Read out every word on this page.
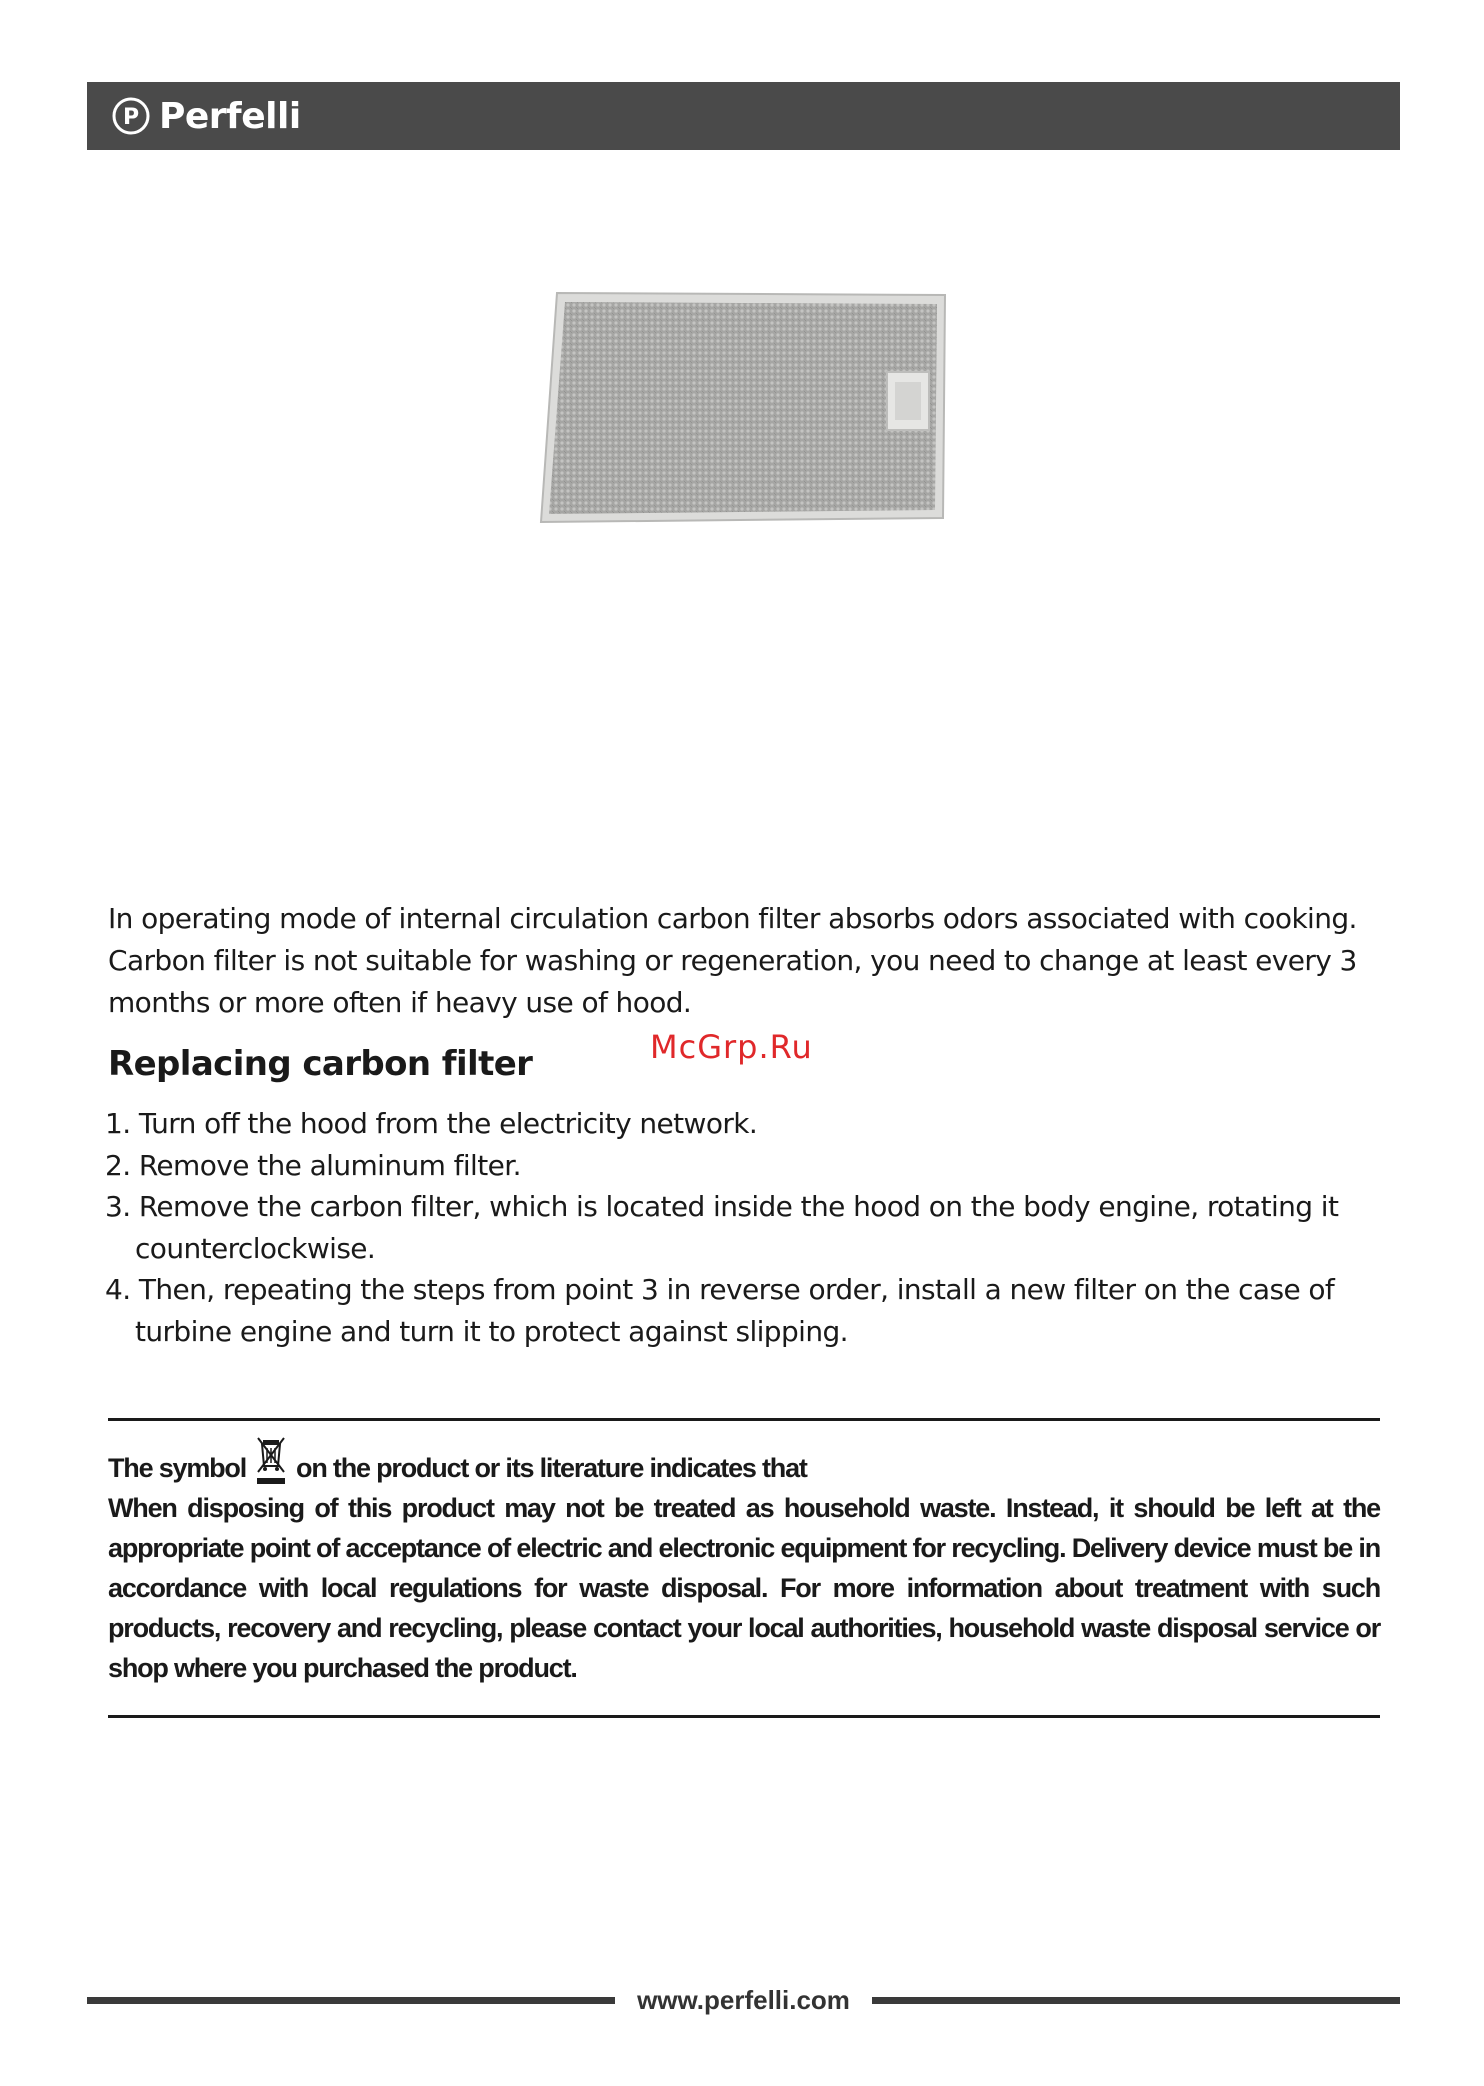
P Perfelli

In operating mode of internal circulation carbon filter absorbs odors associated with cooking. Carbon filter is not suitable for washing or regeneration, you need to change at least every 3 months or more often if heavy use of hood.

Replacing carbon filter	McGrp.Ru
1. Turn off the hood from the electricity network.
2. Remove the aluminum filter.
3. Remove the carbon filter, which is located inside the hood on the body engine, rotating it counterclockwise.
4. Then, repeating the steps from point 3 in reverse order, install a new filter on the case of turbine engine and turn it to protect against slipping.
The symbol on the product or its literature indicates that
When disposing of this product may not be treated as household waste. Instead, it should be left at the appropriate point of acceptance of electric and electronic equipment for recycling. Delivery device must be in accordance with local regulations for waste disposal. For more information about treatment with such products, recovery and recycling, please contact your local authorities, household waste disposal service or shop where you purchased the product.
www.perfelli.com
